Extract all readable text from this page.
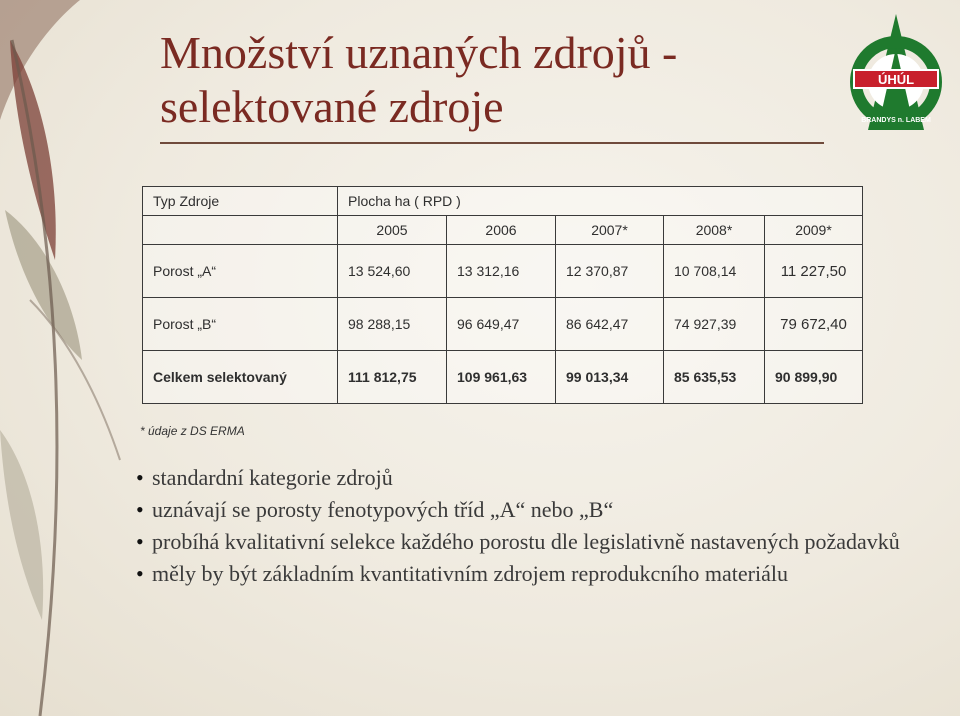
Množství uznaných zdrojů -
selektované zdroje
ÚHÚL
BRANDYS n. LABEM
Typ Zdroje	Plocha ha ( RPD )				
	2005	2006	2007*	2008*	2009*
Porost „A“	13 524,60	13 312,16	12 370,87	10 708,14	11 227,50
Porost „B“	98 288,15	96 649,47	86 642,47	74 927,39	79 672,40
Celkem selektovaný	111 812,75	109 961,63	99 013,34	85 635,53	90 899,90
* údaje z DS ERMA
• standardní kategorie zdrojů
• uznávají se porosty fenotypových tříd „A“ nebo „B“
• probíhá kvalitativní selekce každého porostu dle legislativně nastavených požadavků
• měly by být základním kvantitativním zdrojem reprodukcního materiálu
